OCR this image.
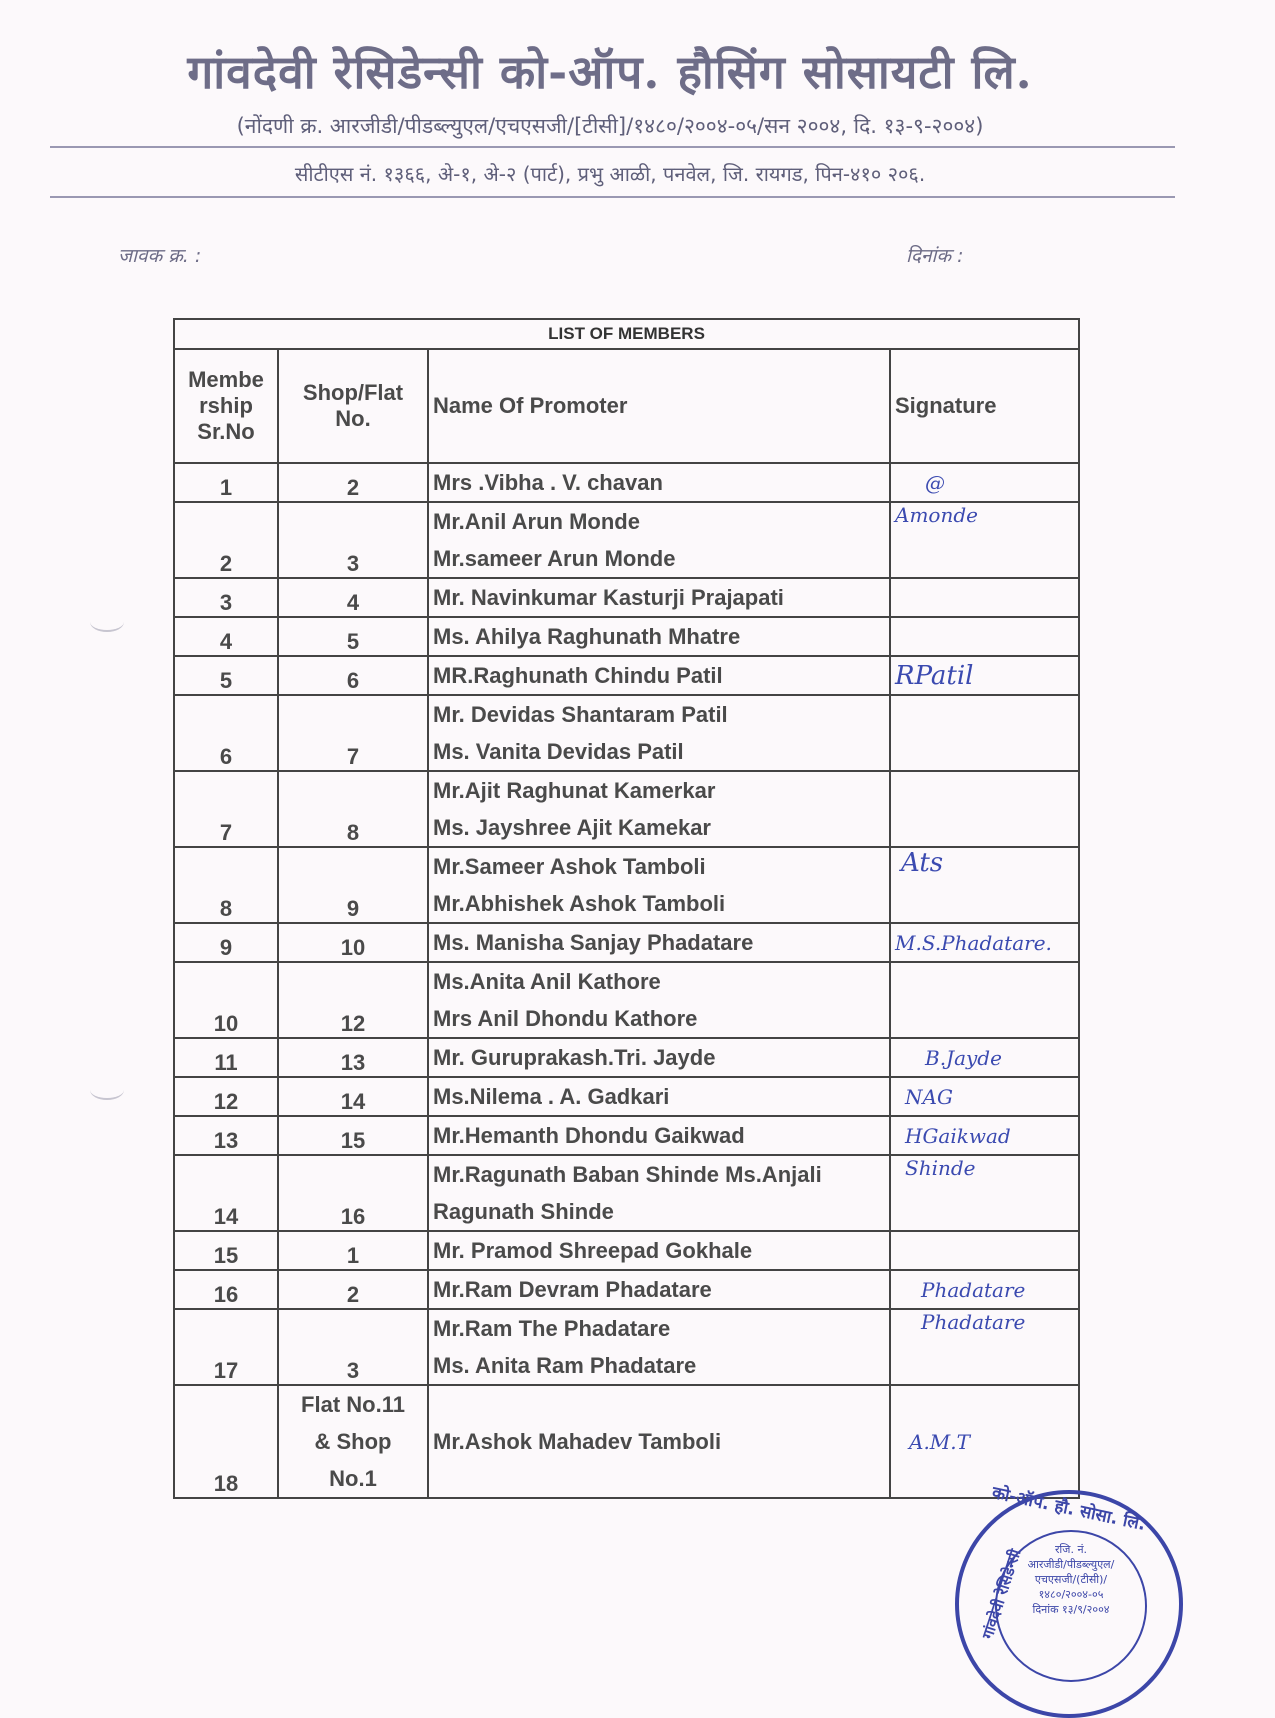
गांवदेवी रेसिडेन्सी को-ऑप. हौसिंग सोसायटी लि.
(नोंदणी क्र. आरजीडी/पीडब्ल्युएल/एचएसजी/[टीसी]/१४८०/२००४-०५/सन २००४, दि. १३-९-२००४)
सीटीएस नं. १३६६, अे-१, अे-२ (पार्ट), प्रभु आळी, पनवेल, जि. रायगड, पिन-४१० २०६.
जावक क्र. :	दिनांक :
LIST OF MEMBERS			
Membe
rship
Sr.No	Shop/Flat
No.	Name Of Promoter	Signature
1	2	Mrs .Vibha . V. chavan	@

2	3	Mr.Anil Arun Monde
Mr.sameer Arun Monde	Amonde

3	4	Mr. Navinkumar Kasturji Prajapati	
4	5	Ms. Ahilya Raghunath Mhatre	
5	6	MR.Raghunath Chindu Patil	RPatil

6	7	Mr. Devidas Shantaram Patil
Ms. Vanita Devidas Patil	
7	8	Mr.Ajit Raghunat Kamerkar
Ms. Jayshree Ajit Kamekar	
8	9	Mr.Sameer Ashok Tamboli
Mr.Abhishek Ashok Tamboli	Ats

9	10	Ms. Manisha Sanjay Phadatare	M.S.Phadatare.

10	12	Ms.Anita Anil Kathore
Mrs Anil Dhondu Kathore	
11	13	Mr. Guruprakash.Tri. Jayde	B.Jayde

12	14	Ms.Nilema . A. Gadkari	NAG

13	15	Mr.Hemanth Dhondu Gaikwad	HGaikwad

14	16	Mr.Ragunath Baban Shinde Ms.Anjali
Ragunath Shinde	Shinde

15	1	Mr. Pramod Shreepad Gokhale	
16	2	Mr.Ram Devram Phadatare	Phadatare

17	3	Mr.Ram The Phadatare
Ms. Anita Ram Phadatare	Phadatare

18	Flat No.11
& Shop
No.1	Mr.Ashok Mahadev Tamboli	A.M.T
को-ऑप. हौ. सोसा. लि.
गांवदेवी रेसिडेन्सी	रजि. नं.
आरजीडी/पीडब्ल्युएल/
एचएसजी/(टीसी)/
१४८०/२००४-०५
दिनांक १३/९/२००४
